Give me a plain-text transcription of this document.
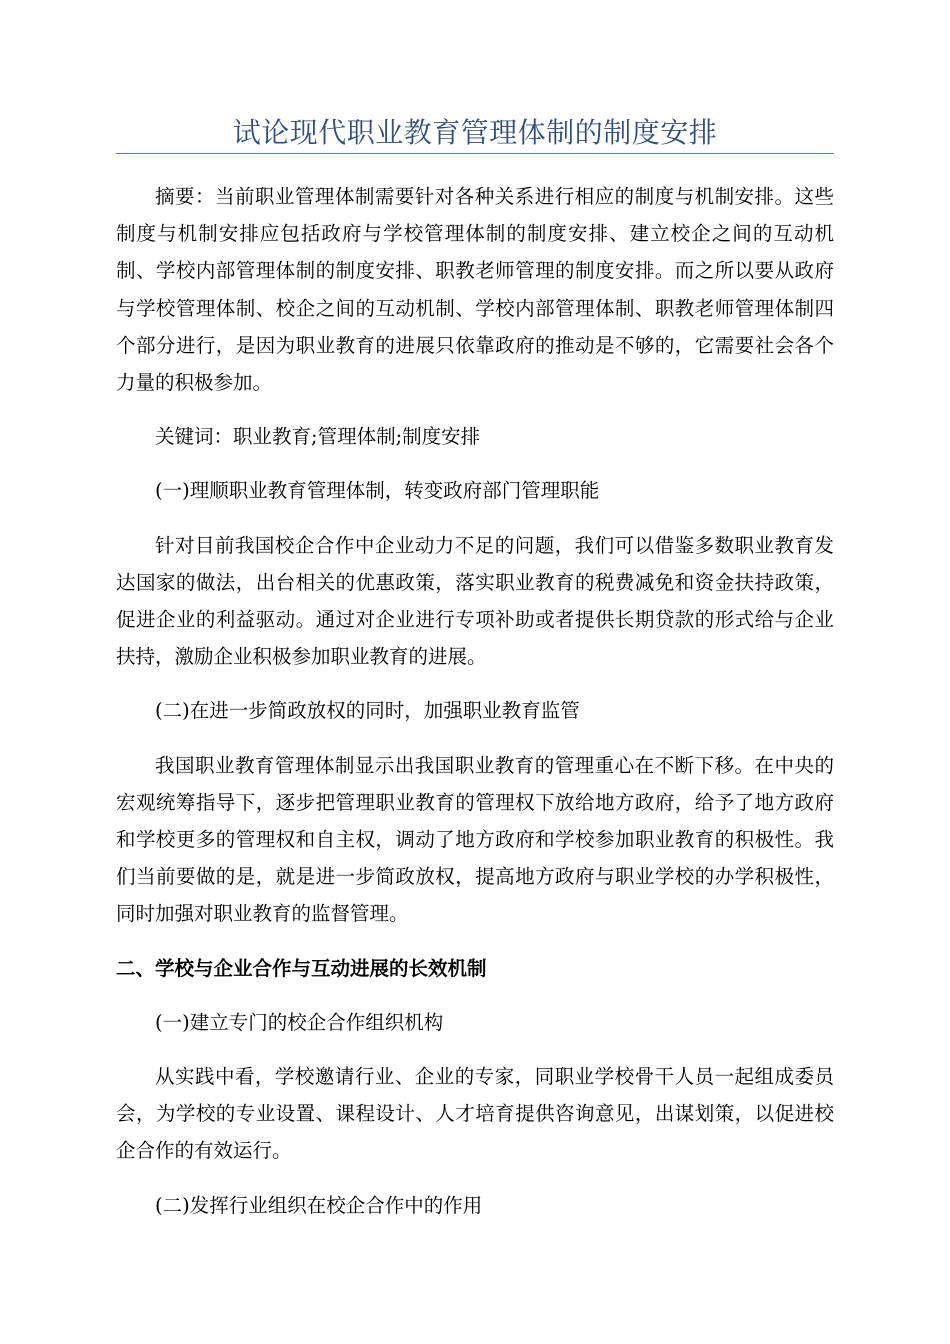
试论现代职业教育管理体制的制度安排

摘要：当前职业管理体制需要针对各种关系进行相应的制度与机制安排。这些制度与机制安排应包括政府与学校管理体制的制度安排、建立校企之间的互动机制、学校内部管理体制的制度安排、职教老师管理的制度安排。而之所以要从政府与学校管理体制、校企之间的互动机制、学校内部管理体制、职教老师管理体制四个部分进行，是因为职业教育的进展只依靠政府的推动是不够的，它需要社会各个力量的积极参加。

关键词：职业教育;管理体制;制度安排

(一)理顺职业教育管理体制，转变政府部门管理职能

针对目前我国校企合作中企业动力不足的问题，我们可以借鉴多数职业教育发达国家的做法，出台相关的优惠政策，落实职业教育的税费减免和资金扶持政策，促进企业的利益驱动。通过对企业进行专项补助或者提供长期贷款的形式给与企业扶持，激励企业积极参加职业教育的进展。

(二)在进一步简政放权的同时，加强职业教育监管

我国职业教育管理体制显示出我国职业教育的管理重心在不断下移。在中央的宏观统筹指导下，逐步把管理职业教育的管理权下放给地方政府，给予了地方政府和学校更多的管理权和自主权，调动了地方政府和学校参加职业教育的积极性。我们当前要做的是，就是进一步简政放权，提高地方政府与职业学校的办学积极性，同时加强对职业教育的监督管理。

二、学校与企业合作与互动进展的长效机制

(一)建立专门的校企合作组织机构

从实践中看，学校邀请行业、企业的专家，同职业学校骨干人员一起组成委员会，为学校的专业设置、课程设计、人才培育提供咨询意见，出谋划策，以促进校企合作的有效运行。

(二)发挥行业组织在校企合作中的作用
